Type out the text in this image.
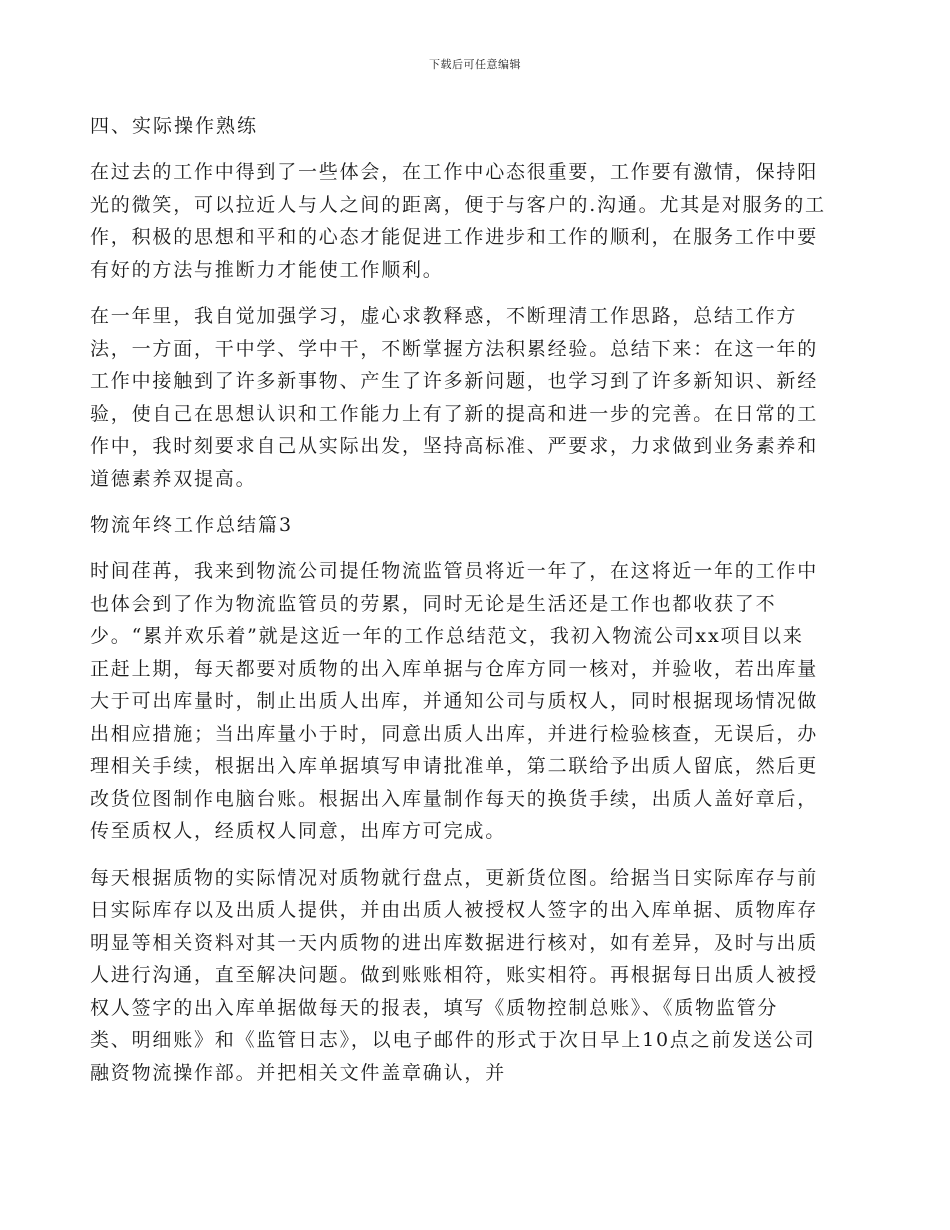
下载后可任意编辑
四、实际操作熟练
在过去的工作中得到了一些体会，在工作中心态很重要，工作要有激情，保持阳
光的微笑，可以拉近人与人之间的距离，便于与客户的.沟通。尤其是对服务的工
作，积极的思想和平和的心态才能促进工作进步和工作的顺利，在服务工作中要
有好的方法与推断力才能使工作顺利。
在一年里，我自觉加强学习，虚心求教释惑，不断理清工作思路，总结工作方
法，一方面，干中学、学中干，不断掌握方法积累经验。总结下来：在这一年的
工作中接触到了许多新事物、产生了许多新问题，也学习到了许多新知识、新经
验，使自己在思想认识和工作能力上有了新的提高和进一步的完善。在日常的工
作中，我时刻要求自己从实际出发，坚持高标准、严要求，力求做到业务素养和
道德素养双提高。
物流年终工作总结篇3
时间荏苒，我来到物流公司提任物流监管员将近一年了，在这将近一年的工作中
也体会到了作为物流监管员的劳累，同时无论是生活还是工作也都收获了不
少。“累并欢乐着”就是这近一年的工作总结范文，我初入物流公司xx项目以来
正赶上期，每天都要对质物的出入库单据与仓库方同一核对，并验收，若出库量
大于可出库量时，制止出质人出库，并通知公司与质权人，同时根据现场情况做
出相应措施；当出库量小于时，同意出质人出库，并进行检验核查，无误后，办
理相关手续，根据出入库单据填写申请批准单，第二联给予出质人留底，然后更
改货位图制作电脑台账。根据出入库量制作每天的换货手续，出质人盖好章后，
传至质权人，经质权人同意，出库方可完成。
每天根据质物的实际情况对质物就行盘点，更新货位图。给据当日实际库存与前
日实际库存以及出质人提供，并由出质人被授权人签字的出入库单据、质物库存
明显等相关资料对其一天内质物的进出库数据进行核对，如有差异，及时与出质
人进行沟通，直至解决问题。做到账账相符，账实相符。再根据每日出质人被授
权人签字的出入库单据做每天的报表，填写《质物控制总账》、《质物监管分
类、明细账》和《监管日志》，以电子邮件的形式于次日早上10点之前发送公司
融资物流操作部。并把相关文件盖章确认，并
